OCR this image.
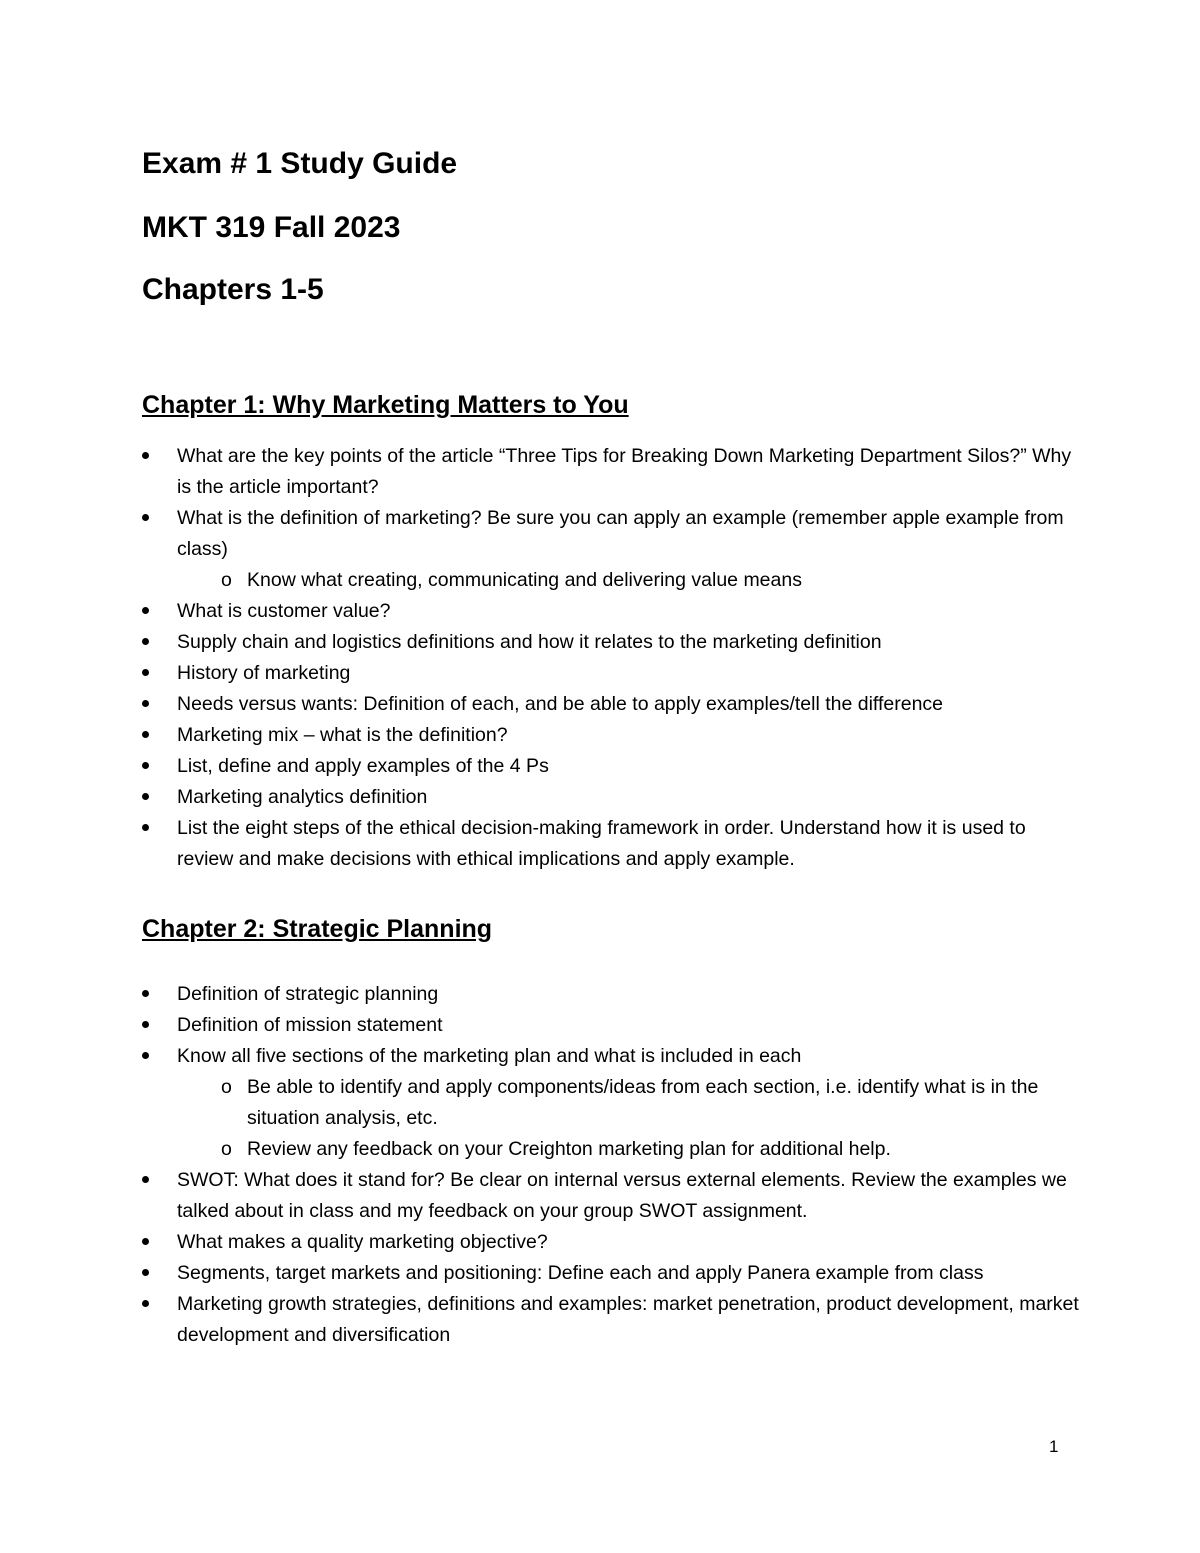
Exam # 1 Study Guide
MKT 319 Fall 2023
Chapters 1-5
Chapter 1: Why Marketing Matters to You
What are the key points of the article “Three Tips for Breaking Down Marketing Department Silos?” Why is the article important?
What is the definition of marketing? Be sure you can apply an example (remember apple example from class)
o Know what creating, communicating and delivering value means
What is customer value?
Supply chain and logistics definitions and how it relates to the marketing definition
History of marketing
Needs versus wants: Definition of each, and be able to apply examples/tell the difference
Marketing mix – what is the definition?
List, define and apply examples of the 4 Ps
Marketing analytics definition
List the eight steps of the ethical decision-making framework in order. Understand how it is used to review and make decisions with ethical implications and apply example.
Chapter 2: Strategic Planning
Definition of strategic planning
Definition of mission statement
Know all five sections of the marketing plan and what is included in each
o Be able to identify and apply components/ideas from each section, i.e. identify what is in the situation analysis, etc.
o Review any feedback on your Creighton marketing plan for additional help.
SWOT: What does it stand for? Be clear on internal versus external elements. Review the examples we talked about in class and my feedback on your group SWOT assignment.
What makes a quality marketing objective?
Segments, target markets and positioning: Define each and apply Panera example from class
Marketing growth strategies, definitions and examples: market penetration, product development, market development and diversification

1
